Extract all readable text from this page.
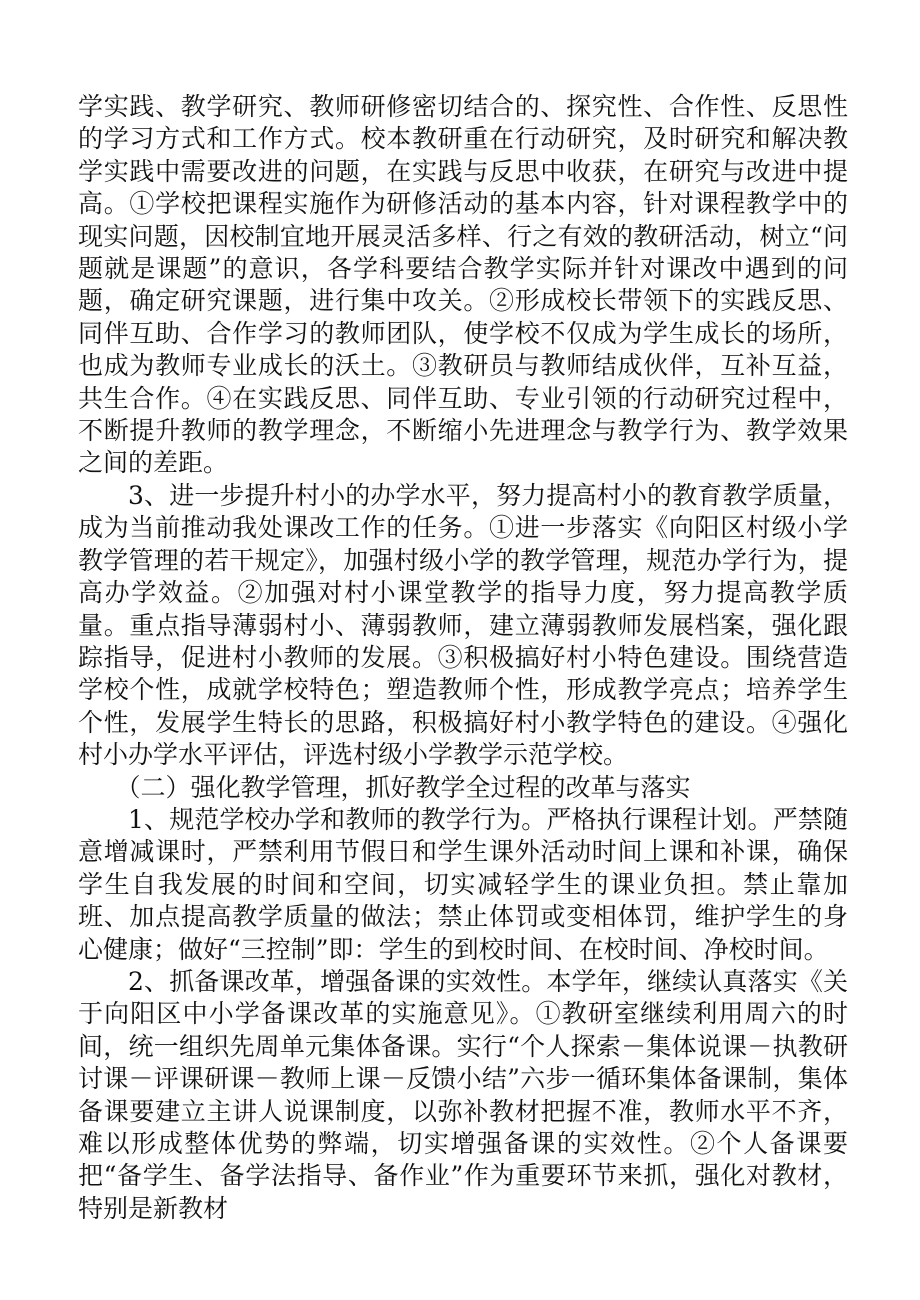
学实践、教学研究、教师研修密切结合的、探究性、合作性、反思性的学习方式和工作方式。校本教研重在行动研究，及时研究和解决教学实践中需要改进的问题，在实践与反思中收获，在研究与改进中提高。①学校把课程实施作为研修活动的基本内容，针对课程教学中的现实问题，因校制宜地开展灵活多样、行之有效的教研活动，树立“问题就是课题”的意识，各学科要结合教学实际并针对课改中遇到的问题，确定研究课题，进行集中攻关。②形成校长带领下的实践反思、同伴互助、合作学习的教师团队，使学校不仅成为学生成长的场所，也成为教师专业成长的沃土。③教研员与教师结成伙伴，互补互益，共生合作。④在实践反思、同伴互助、专业引领的行动研究过程中，不断提升教师的教学理念，不断缩小先进理念与教学行为、教学效果之间的差距。

3、进一步提升村小的办学水平，努力提高村小的教育教学质量，成为当前推动我处课改工作的任务。①进一步落实《向阳区村级小学教学管理的若干规定》，加强村级小学的教学管理，规范办学行为，提高办学效益。②加强对村小课堂教学的指导力度，努力提高教学质量。重点指导薄弱村小、薄弱教师，建立薄弱教师发展档案，强化跟踪指导，促进村小教师的发展。③积极搞好村小特色建设。围绕营造学校个性，成就学校特色；塑造教师个性，形成教学亮点；培养学生个性，发展学生特长的思路，积极搞好村小教学特色的建设。④强化村小办学水平评估，评选村级小学教学示范学校。

（二）强化教学管理，抓好教学全过程的改革与落实

1、规范学校办学和教师的教学行为。严格执行课程计划。严禁随意增减课时，严禁利用节假日和学生课外活动时间上课和补课，确保学生自我发展的时间和空间，切实减轻学生的课业负担。禁止靠加班、加点提高教学质量的做法；禁止体罚或变相体罚，维护学生的身心健康；做好“三控制”即：学生的到校时间、在校时间、净校时间。

2、抓备课改革，增强备课的实效性。本学年，继续认真落实《关于向阳区中小学备课改革的实施意见》。①教研室继续利用周六的时间，统一组织先周单元集体备课。实行“个人探索－集体说课－执教研讨课－评课研课－教师上课－反馈小结”六步一循环集体备课制，集体备课要建立主讲人说课制度，以弥补教材把握不准，教师水平不齐，难以形成整体优势的弊端，切实增强备课的实效性。②个人备课要把“备学生、备学法指导、备作业”作为重要环节来抓，强化对教材，特别是新教材
